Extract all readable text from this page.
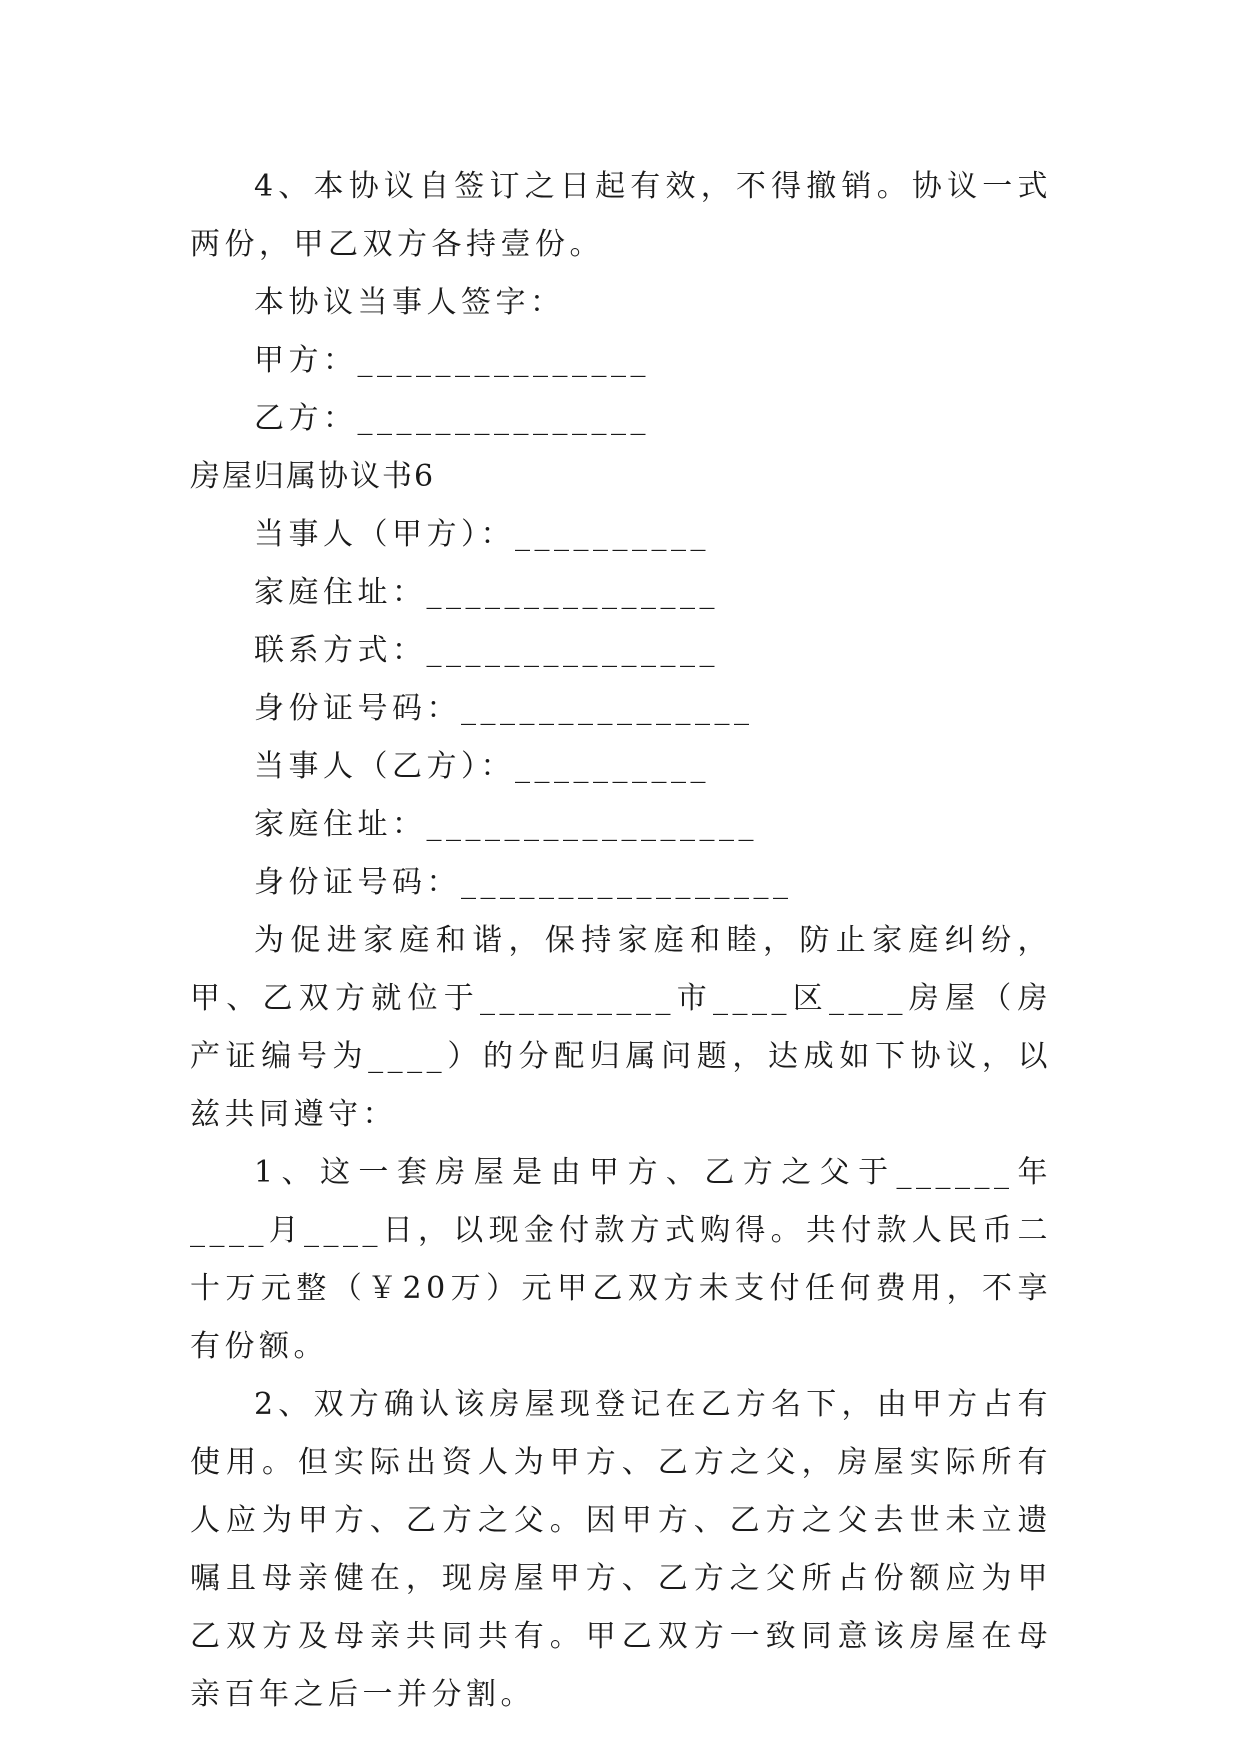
4、本协议自签订之日起有效，不得撤销。协议一式两份，甲乙双方各持壹份。

本协议当事人签字：

甲方：_______________

乙方：_______________

房屋归属协议书6

当事人（甲方）：__________

家庭住址：_______________

联系方式：_______________

身份证号码：_______________

当事人（乙方）：__________

家庭住址：_________________

身份证号码：_________________

为促进家庭和谐，保持家庭和睦，防止家庭纠纷，甲、乙双方就位于__________市____区____房屋（房产证编号为____）的分配归属问题，达成如下协议，以兹共同遵守：

1、这一套房屋是由甲方、乙方之父于______年____月____日，以现金付款方式购得。共付款人民币二十万元整（￥20万）元甲乙双方未支付任何费用，不享有份额。

2、双方确认该房屋现登记在乙方名下，由甲方占有使用。但实际出资人为甲方、乙方之父，房屋实际所有人应为甲方、乙方之父。因甲方、乙方之父去世未立遗嘱且母亲健在，现房屋甲方、乙方之父所占份额应为甲乙双方及母亲共同共有。甲乙双方一致同意该房屋在母亲百年之后一并分割。
